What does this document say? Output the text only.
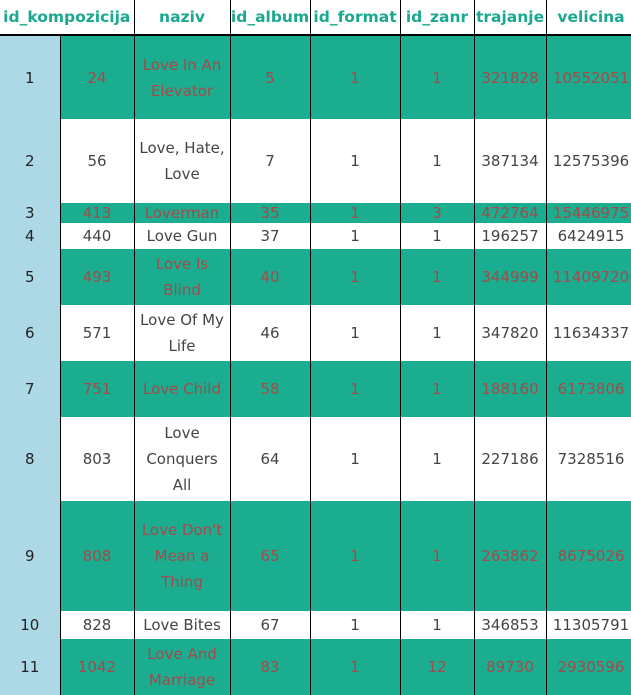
id_kompozicija		naziv	id_album	id_format	id_zanr	trajanje	velicina
1	24	Love In An Elevator	5	1	1	321828	10552051
2	56	Love, Hate, Love	7	1	1	387134	12575396
3	413	Loverman	35	1	3	472764	15446975
4	440	Love Gun	37	1	1	196257	6424915
5	493	Love Is Blind	40	1	1	344999	11409720
6	571	Love Of My Life	46	1	1	347820	11634337
7	751	Love Child	58	1	1	188160	6173806
8	803	Love Conquers All	64	1	1	227186	7328516
9	808	Love Don't Mean a Thing	65	1	1	263862	8675026
10	828	Love Bites	67	1	1	346853	11305791
11	1042	Love And Marriage	83	1	12	89730	2930596
